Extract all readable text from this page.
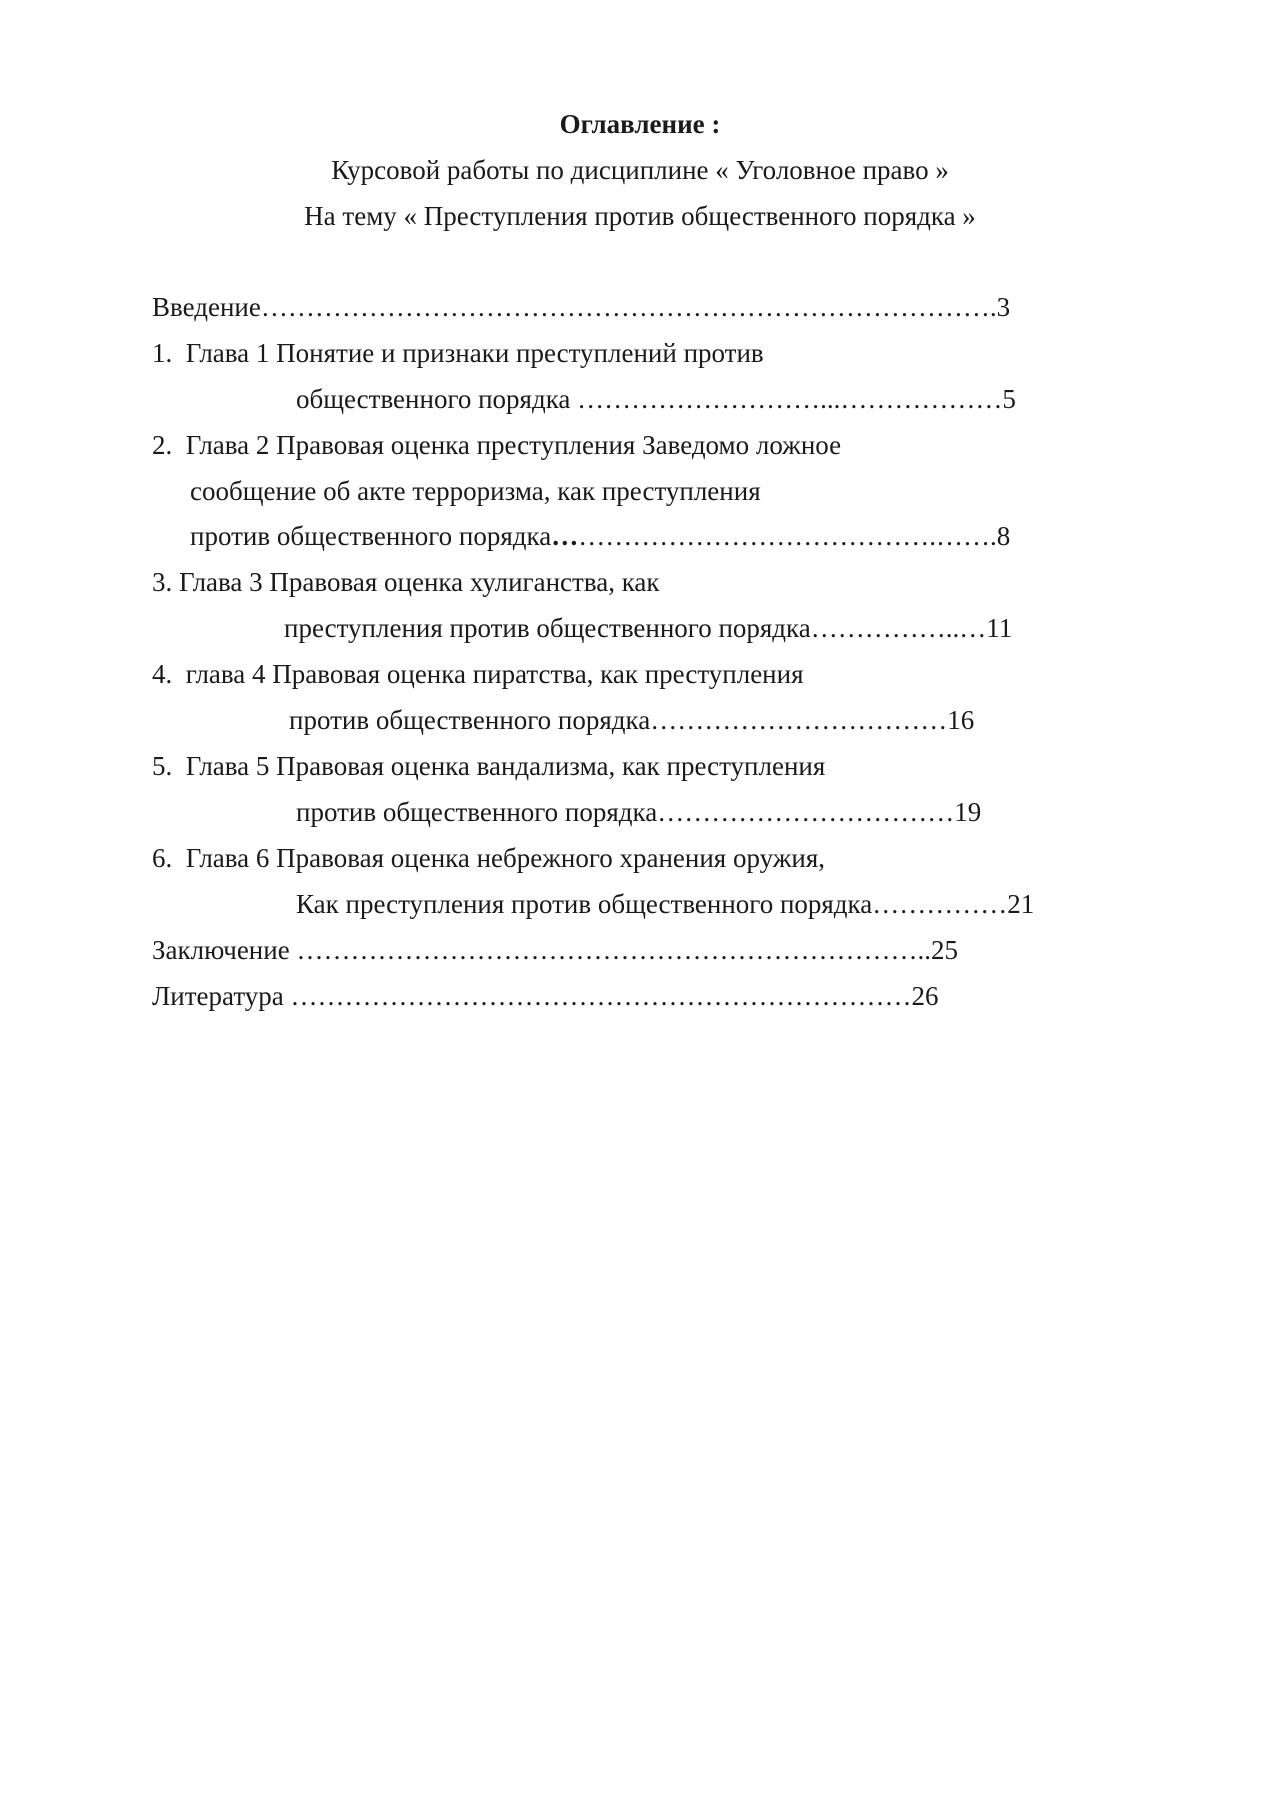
Оглавление :
Курсовой работы по дисциплине « Уголовное право »
На тему « Преступления против общественного порядка »
Введение……………………………………………………………………….3
1.  Глава 1 Понятие и признаки преступлений против
общественного порядка ………………………...………………5
2.  Глава 2 Правовая оценка преступления Заведомо ложное
сообщение об акте терроризма, как преступления
против общественного порядка…………………………………….…….8
3. Глава 3 Правовая оценка хулиганства, как
преступления против общественного порядка……………..…11
4.  глава 4 Правовая оценка пиратства, как преступления
против общественного порядка……………………………16
5.  Глава 5 Правовая оценка вандализма, как преступления
против общественного порядка……………………………19
6.  Глава 6 Правовая оценка небрежного хранения оружия,
Как преступления против общественного порядка……………21
Заключение ……………………………………………………………..25
Литература ……………………………………………………………26
